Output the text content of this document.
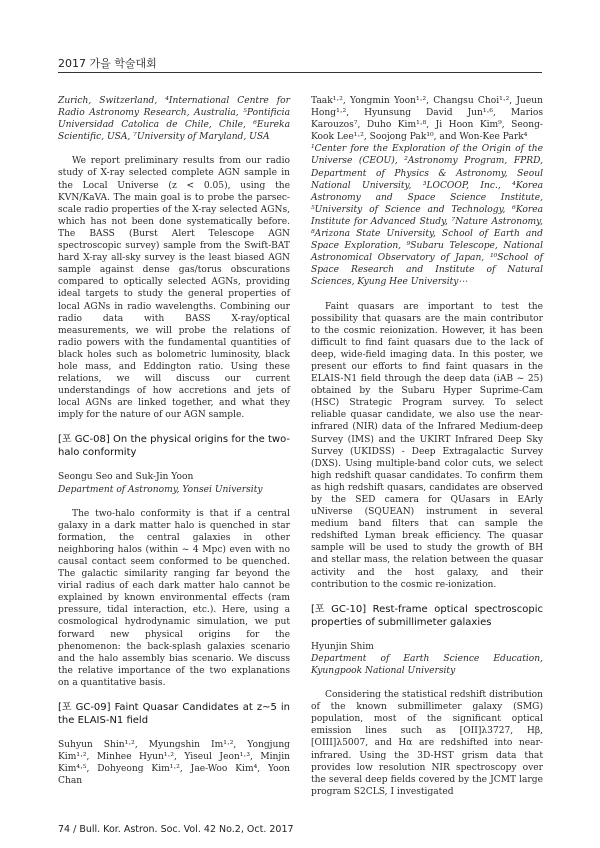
2017 가을 학술대회

Zurich, Switzerland, ⁴International Centre for Radio Astronomy Research, Australia, ⁵Pontificia Universidad Catolica de Chile, Chile, ⁶Eureka Scientific, USA, ⁷University of Maryland, USA

We report preliminary results from our radio study of X-ray selected complete AGN sample in the Local Universe (z < 0.05), using the KVN/KaVA. The main goal is to probe the parsec-scale radio properties of the X-ray selected AGNs, which has not been done systematically before. The BASS (Burst Alert Telescope AGN spectroscopic survey) sample from the Swift-BAT hard X-ray all-sky survey is the least biased AGN sample against dense gas/torus obscurations compared to optically selected AGNs, providing ideal targets to study the general properties of local AGNs in radio wavelengths. Combining our radio data with BASS X-ray/optical measurements, we will probe the relations of radio powers with the fundamental quantities of black holes such as bolometric luminosity, black hole mass, and Eddington ratio. Using these relations, we will discuss our current understandings of how accretions and jets of local AGNs are linked together, and what they imply for the nature of our AGN sample.

[포 GC-08] On the physical origins for the two-halo conformity

Seongu Seo and Suk-Jin Yoon

Department of Astronomy, Yonsei University

The two-halo conformity is that if a central galaxy in a dark matter halo is quenched in star formation, the central galaxies in other neighboring halos (within ~ 4 Mpc) even with no causal contact seem conformed to be quenched. The galactic similarity ranging far beyond the virial radius of each dark matter halo cannot be explained by known environmental effects (ram pressure, tidal interaction, etc.). Here, using a cosmological hydrodynamic simulation, we put forward new physical origins for the phenomenon: the back-splash galaxies scenario and the halo assembly bias scenario. We discuss the relative importance of the two explanations on a quantitative basis.

[포 GC-09] Faint Quasar Candidates at z~5 in the ELAIS-N1 field

Suhyun Shin¹·², Myungshin Im¹·², Yongjung Kim¹·², Minhee Hyun¹·², Yiseul Jeon¹·³, Minjin Kim⁴·⁵, Dohyeong Kim¹·², Jae-Woo Kim⁴, Yoon Chan

Taak¹·², Yongmin Yoon¹·², Changsu Choi¹·², Jueun Hong¹·², Hyunsung David Jun¹·⁶, Marios Karouzos⁷, Duho Kim¹·⁸, Ji Hoon Kim⁹, Seong-Kook Lee¹·², Soojong Pak¹⁰, and Won-Kee Park⁴

¹Center fore the Exploration of the Origin of the Universe (CEOU), ²Astronomy Program, FPRD, Department of Physics & Astronomy, Seoul National University, ³LOCOOP, Inc., ⁴Korea Astronomy and Space Science Institute, ⁵University of Science and Technology, ⁶Korea Institute for Advanced Study, ⁷Nature Astronomy, ⁸Arizona State University, School of Earth and Space Exploration, ⁹Subaru Telescope, National Astronomical Observatory of Japan, ¹⁰School of Space Research and Institute of Natural Sciences, Kyung Hee University⋯

Faint quasars are important to test the possibility that quasars are the main contributor to the cosmic reionization. However, it has been difficult to find faint quasars due to the lack of deep, wide-field imaging data. In this poster, we present our efforts to find faint quasars in the ELAIS-N1 field through the deep data (iAB ~ 25) obtained by the Subaru Hyper Suprime-Cam (HSC) Strategic Program survey. To select reliable quasar candidate, we also use the near-infrared (NIR) data of the Infrared Medium-deep Survey (IMS) and the UKIRT Infrared Deep Sky Survey (UKIDSS) - Deep Extragalactic Survey (DXS). Using multiple-band color cuts, we select high redshift quasar candidates. To confirm them as high redshift quasars, candidates are observed by the SED camera for QUasars in EArly uNiverse (SQUEAN) instrument in several medium band filters that can sample the redshifted Lyman break efficiency. The quasar sample will be used to study the growth of BH and stellar mass, the relation between the quasar activity and the host galaxy, and their contribution to the cosmic re-ionization.

[포 GC-10] Rest-frame optical spectroscopic properties of submillimeter galaxies

Hyunjin Shim

Department of Earth Science Education, Kyungpook National University

Considering the statistical redshift distribution of the known submillimeter galaxy (SMG) population, most of the significant optical emission lines such as [OII]λ3727, Hβ, [OIII]λ5007, and Hα are redshifted into near-infrared. Using the 3D-HST grism data that provides low resolution NIR spectroscopy over the several deep fields covered by the JCMT large program S2CLS, I investigated

74 / Bull. Kor. Astron. Soc. Vol. 42 No.2, Oct. 2017
